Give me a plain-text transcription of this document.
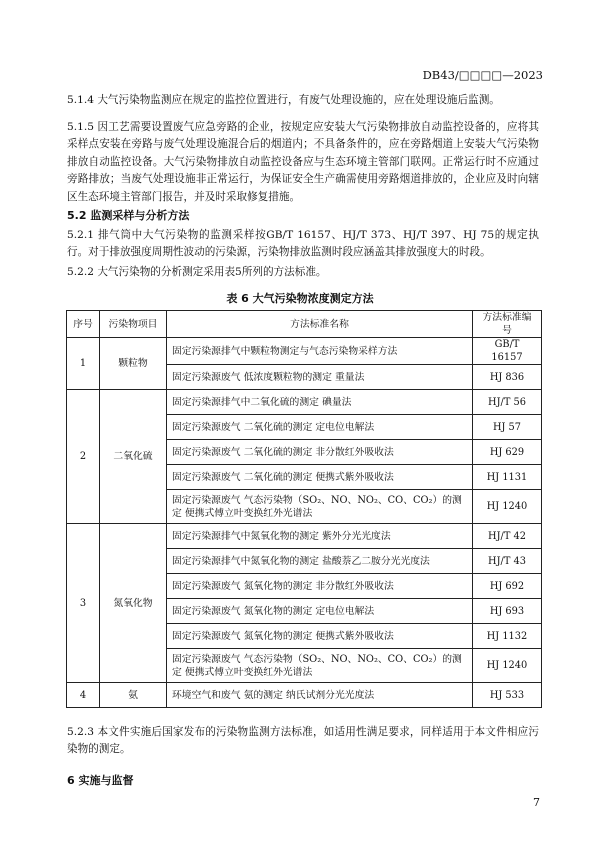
DB43/□□□□—2023

5.1.4 大气污染物监测应在规定的监控位置进行，有废气处理设施的，应在处理设施后监测。

5.1.5 因工艺需要设置废气应急旁路的企业，按规定应安装大气污染物排放自动监控设备的，应将其采样点安装在旁路与废气处理设施混合后的烟道内；不具备条件的，应在旁路烟道上安装大气污染物排放自动监控设备。大气污染物排放自动监控设备应与生态环境主管部门联网。正常运行时不应通过旁路排放；当废气处理设施非正常运行，为保证安全生产确需使用旁路烟道排放的，企业应及时向辖区生态环境主管部门报告，并及时采取修复措施。

5.2 监测采样与分析方法

5.2.1 排气筒中大气污染物的监测采样按GB/T 16157、HJ/T 373、HJ/T 397、HJ 75的规定执行。对于排放强度周期性波动的污染源，污染物排放监测时段应涵盖其排放强度大的时段。

5.2.2 大气污染物的分析测定采用表5所列的方法标准。

表 6 大气污染物浓度测定方法
序号	污染物项目	方法标准名称	方法标准编号
1	颗粒物	固定污染源排气中颗粒物测定与气态污染物采样方法	GB/T 16157
		固定污染源废气 低浓度颗粒物的测定 重量法	HJ 836
2	二氧化硫	固定污染源排气中二氧化硫的测定 碘量法	HJ/T 56
		固定污染源废气 二氧化硫的测定 定电位电解法	HJ 57
		固定污染源废气 二氧化硫的测定 非分散红外吸收法	HJ 629
		固定污染源废气 二氧化硫的测定 便携式紫外吸收法	HJ 1131
		固定污染源废气 气态污染物（SO₂、NO、NO₂、CO、CO₂）的测定 便携式傅立叶变换红外光谱法	HJ 1240
3	氮氧化物	固定污染源排气中氮氧化物的测定 紫外分光光度法	HJ/T 42
		固定污染源排气中氮氧化物的测定 盐酸萘乙二胺分光光度法	HJ/T 43
		固定污染源废气 氮氧化物的测定 非分散红外吸收法	HJ 692
		固定污染源废气 氮氧化物的测定 定电位电解法	HJ 693
		固定污染源废气 氮氧化物的测定 便携式紫外吸收法	HJ 1132
		固定污染源废气 气态污染物（SO₂、NO、NO₂、CO、CO₂）的测定 便携式傅立叶变换红外光谱法	HJ 1240
4	氨	环境空气和废气 氨的测定 纳氏试剂分光光度法	HJ 533

5.2.3 本文件实施后国家发布的污染物监测方法标准，如适用性满足要求，同样适用于本文件相应污染物的测定。

6 实施与监督
7
